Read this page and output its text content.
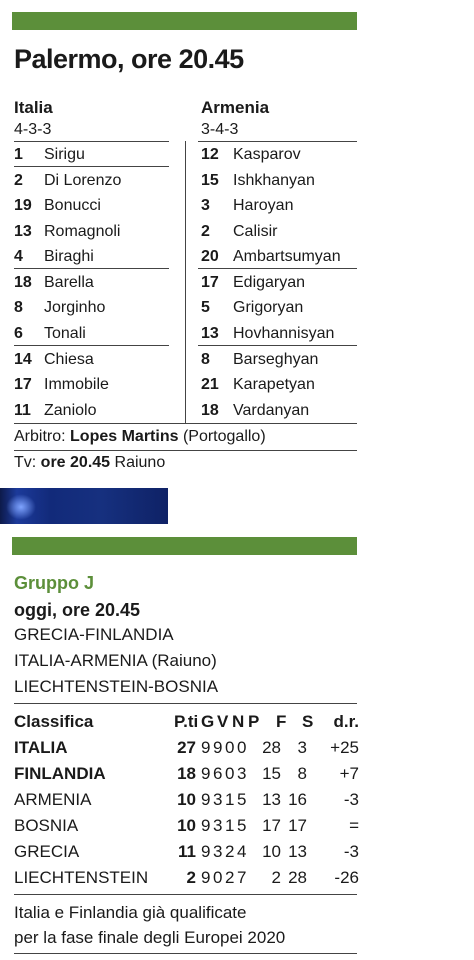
Palermo, ore 20.45
Italia
4-3-3
Armenia
3-4-3
1 Sirigu
2 Di Lorenzo
19 Bonucci
13 Romagnoli
4 Biraghi
18 Barella
8 Jorginho
6 Tonali
14 Chiesa
17 Immobile
11 Zaniolo
12 Kasparov
15 Ishkhanyan
3 Haroyan
2 Calisir
20 Ambartsumyan
17 Edigaryan
5 Grigoryan
13 Hovhannisyan
8 Barseghyan
21 Karapetyan
18 Vardanyan
Arbitro: Lopes Martins (Portogallo)
Tv: ore 20.45 Raiuno
Gruppo J
oggi, ore 20.45
GRECIA-FINLANDIA
ITALIA-ARMENIA (Raiuno)
LIECHTENSTEIN-BOSNIA
Classifica	P.ti G V N P F S d.r.
ITALIA	27 9 9 0 0 28 3 +25
FINLANDIA	18 9 6 0 3 15 8 +7
ARMENIA	10 9 3 1 5 13 16 -3
BOSNIA	10 9 3 1 5 17 17 =
GRECIA	11 9 3 2 4 10 13 -3
LIECHTENSTEIN 2 9 0 2 7 2 28 -26
Italia e Finlandia già qualificate
per la fase finale degli Europei 2020
